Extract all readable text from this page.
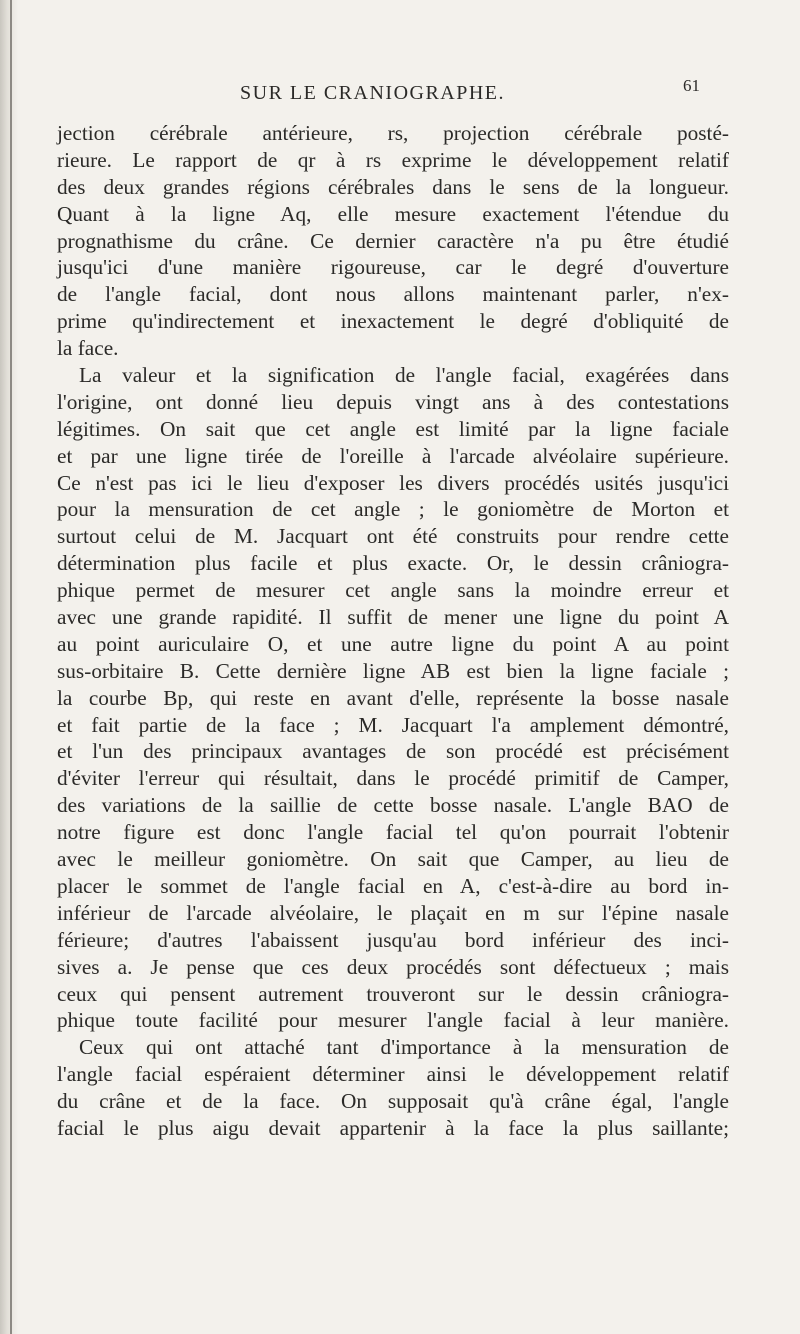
SUR LE CRANIOGRAPHE.	61
jection cérébrale antérieure, rs, projection cérébrale posté-
rieure. Le rapport de qr à rs exprime le développement relatif
des deux grandes régions cérébrales dans le sens de la longueur.
Quant à la ligne Aq, elle mesure exactement l'étendue du
prognathisme du crâne. Ce dernier caractère n'a pu être étudié
jusqu'ici d'une manière rigoureuse, car le degré d'ouverture
de l'angle facial, dont nous allons maintenant parler, n'ex-
prime qu'indirectement et inexactement le degré d'obliquité de
la face.
La valeur et la signification de l'angle facial, exagérées dans
l'origine, ont donné lieu depuis vingt ans à des contestations
légitimes. On sait que cet angle est limité par la ligne faciale
et par une ligne tirée de l'oreille à l'arcade alvéolaire supérieure.
Ce n'est pas ici le lieu d'exposer les divers procédés usités jusqu'ici
pour la mensuration de cet angle ; le goniomètre de Morton et
surtout celui de M. Jacquart ont été construits pour rendre cette
détermination plus facile et plus exacte. Or, le dessin crâniogra-
phique permet de mesurer cet angle sans la moindre erreur et
avec une grande rapidité. Il suffit de mener une ligne du point A
au point auriculaire O, et une autre ligne du point A au point
sus-orbitaire B. Cette dernière ligne AB est bien la ligne faciale ;
la courbe Bp, qui reste en avant d'elle, représente la bosse nasale
et fait partie de la face ; M. Jacquart l'a amplement démontré,
et l'un des principaux avantages de son procédé est précisément
d'éviter l'erreur qui résultait, dans le procédé primitif de Camper,
des variations de la saillie de cette bosse nasale. L'angle BAO de
notre figure est donc l'angle facial tel qu'on pourrait l'obtenir
avec le meilleur goniomètre. On sait que Camper, au lieu de
placer le sommet de l'angle facial en A, c'est-à-dire au bord in-
inférieur de l'arcade alvéolaire, le plaçait en m sur l'épine nasale
férieure; d'autres l'abaissent jusqu'au bord inférieur des inci-
sives a. Je pense que ces deux procédés sont défectueux ; mais
ceux qui pensent autrement trouveront sur le dessin crâniogra-
phique toute facilité pour mesurer l'angle facial à leur manière.
Ceux qui ont attaché tant d'importance à la mensuration de
l'angle facial espéraient déterminer ainsi le développement relatif
du crâne et de la face. On supposait qu'à crâne égal, l'angle
facial le plus aigu devait appartenir à la face la plus saillante;
